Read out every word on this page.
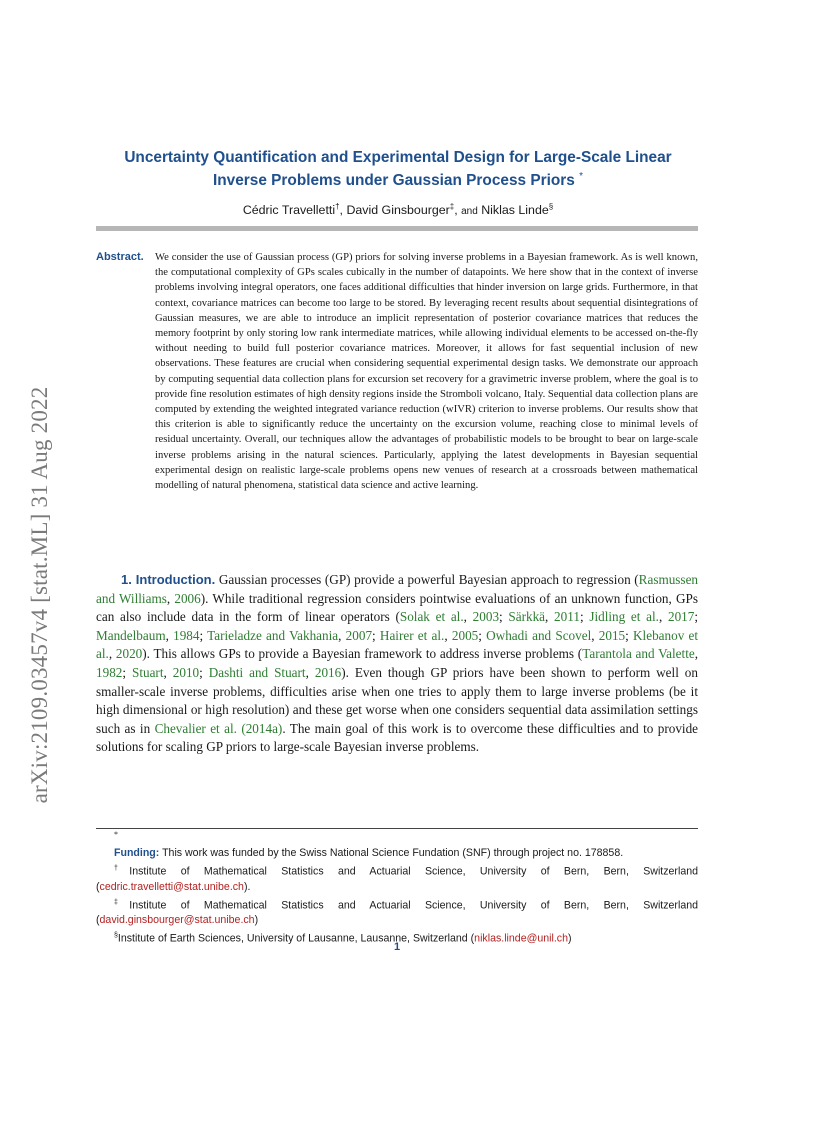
arXiv:2109.03457v4 [stat.ML] 31 Aug 2022
Uncertainty Quantification and Experimental Design for Large-Scale Linear
Inverse Problems under Gaussian Process Priors *
Cédric Travelletti†, David Ginsbourger‡, and Niklas Linde§
Abstract. We consider the use of Gaussian process (GP) priors for solving inverse problems in a Bayesian framework. As is well known, the computational complexity of GPs scales cubically in the number of datapoints. We here show that in the context of inverse problems involving integral operators, one faces additional difficulties that hinder inversion on large grids. Furthermore, in that context, covariance matrices can become too large to be stored. By leveraging recent results about sequential disintegrations of Gaussian measures, we are able to introduce an implicit representation of posterior covariance matrices that reduces the memory footprint by only storing low rank intermediate matrices, while allowing individual elements to be accessed on-the-fly without needing to build full posterior covariance matrices. Moreover, it allows for fast sequential inclusion of new observations. These features are crucial when considering sequential experimental design tasks. We demonstrate our approach by computing sequential data collection plans for excursion set recovery for a gravimetric inverse problem, where the goal is to provide fine resolution estimates of high density regions inside the Stromboli volcano, Italy. Sequential data collection plans are computed by extending the weighted integrated variance reduction (wIVR) criterion to inverse problems. Our results show that this criterion is able to significantly reduce the uncertainty on the excursion volume, reaching close to minimal levels of residual uncertainty. Overall, our techniques allow the advantages of probabilistic models to be brought to bear on large-scale inverse problems arising in the natural sciences. Particularly, applying the latest developments in Bayesian sequential experimental design on realistic large-scale problems opens new venues of research at a crossroads between mathematical modelling of natural phenomena, statistical data science and active learning.

1. Introduction. Gaussian processes (GP) provide a powerful Bayesian approach to regression (Rasmussen and Williams, 2006). While traditional regression considers pointwise evaluations of an unknown function, GPs can also include data in the form of linear operators (Solak et al., 2003; Särkkä, 2011; Jidling et al., 2017; Mandelbaum, 1984; Tarieladze and Vakhania, 2007; Hairer et al., 2005; Owhadi and Scovel, 2015; Klebanov et al., 2020). This allows GPs to provide a Bayesian framework to address inverse problems (Tarantola and Valette, 1982; Stuart, 2010; Dashti and Stuart, 2016). Even though GP priors have been shown to perform well on smaller-scale inverse problems, difficulties arise when one tries to apply them to large inverse problems (be it high dimensional or high resolution) and these get worse when one considers sequential data assimilation settings such as in Chevalier et al. (2014a). The main goal of this work is to overcome these difficulties and to provide solutions for scaling GP priors to large-scale Bayesian inverse problems.

*

Funding: This work was funded by the Swiss National Science Fundation (SNF) through project no. 178858.

†Institute of Mathematical Statistics and Actuarial Science, University of Bern, Bern, Switzerland

(cedric.travelletti@stat.unibe.ch).

‡Institute of Mathematical Statistics and Actuarial Science, University of Bern, Bern, Switzerland

(david.ginsbourger@stat.unibe.ch)

§Institute of Earth Sciences, University of Lausanne, Lausanne, Switzerland (niklas.linde@unil.ch)

1
